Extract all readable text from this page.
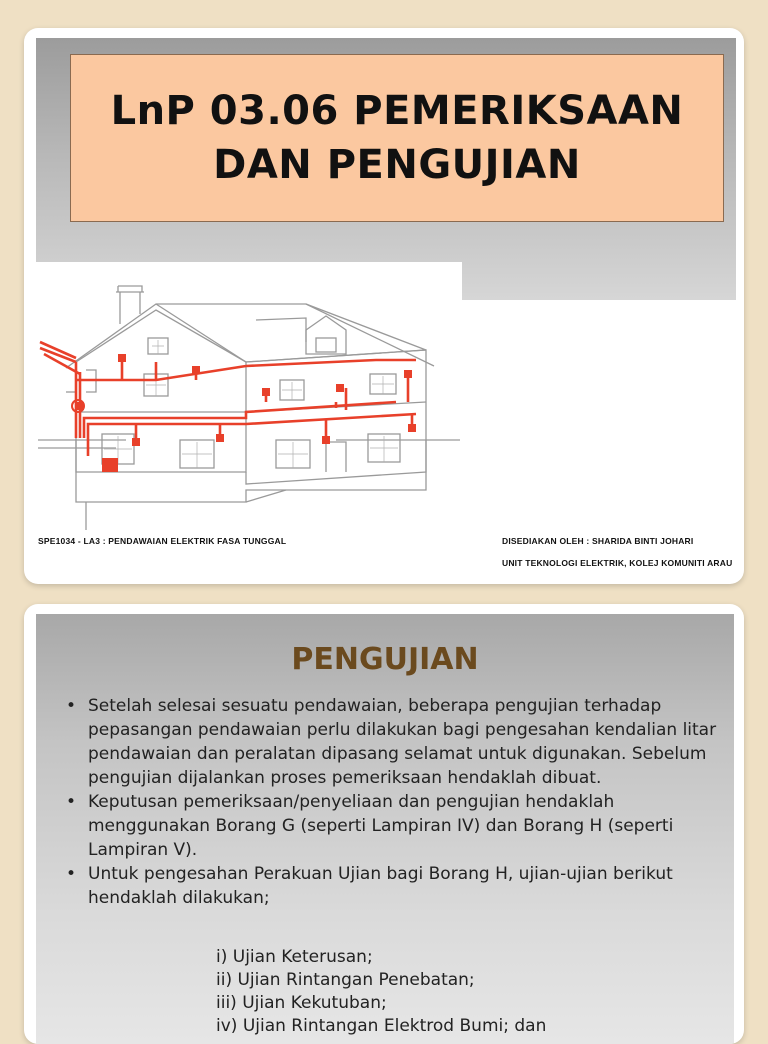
LnP 03.06 PEMERIKSAAN
DAN PENGUJIAN
SPE1034 - LA3 : PENDAWAIAN ELEKTRIK FASA TUNGGAL	DISEDIAKAN OLEH : SHARIDA BINTI JOHARI
UNIT TEKNOLOGI ELEKTRIK, KOLEJ KOMUNITI ARAU
PENGUJIAN
• Setelah selesai sesuatu pendawaian, beberapa pengujian terhadap pepasangan pendawaian perlu dilakukan bagi pengesahan kendalian litar pendawaian dan peralatan dipasang selamat untuk digunakan. Sebelum pengujian dijalankan proses pemeriksaan hendaklah dibuat.
• Keputusan pemeriksaan/penyeliaan dan pengujian hendaklah menggunakan Borang G (seperti Lampiran IV) dan Borang H (seperti Lampiran V).
• Untuk pengesahan Perakuan Ujian bagi Borang H, ujian-ujian berikut hendaklah dilakukan;
i) Ujian Keterusan;
ii) Ujian Rintangan Penebatan;
iii) Ujian Kekutuban;
iv) Ujian Rintangan Elektrod Bumi; dan
